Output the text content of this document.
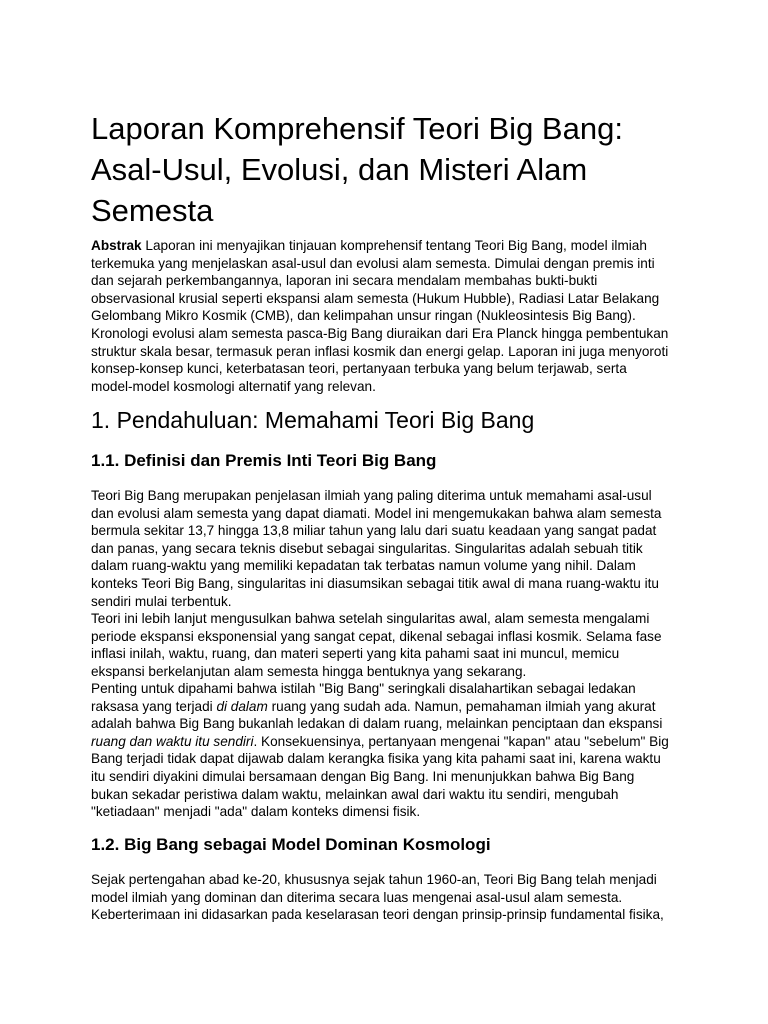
Laporan Komprehensif Teori Big Bang:
Asal-Usul, Evolusi, dan Misteri Alam
Semesta

Abstrak Laporan ini menyajikan tinjauan komprehensif tentang Teori Big Bang, model ilmiah
terkemuka yang menjelaskan asal-usul dan evolusi alam semesta. Dimulai dengan premis inti
dan sejarah perkembangannya, laporan ini secara mendalam membahas bukti-bukti
observasional krusial seperti ekspansi alam semesta (Hukum Hubble), Radiasi Latar Belakang
Gelombang Mikro Kosmik (CMB), dan kelimpahan unsur ringan (Nukleosintesis Big Bang).
Kronologi evolusi alam semesta pasca-Big Bang diuraikan dari Era Planck hingga pembentukan
struktur skala besar, termasuk peran inflasi kosmik dan energi gelap. Laporan ini juga menyoroti
konsep-konsep kunci, keterbatasan teori, pertanyaan terbuka yang belum terjawab, serta
model-model kosmologi alternatif yang relevan.

1. Pendahuluan: Memahami Teori Big Bang
1.1. Definisi dan Premis Inti Teori Big Bang

Teori Big Bang merupakan penjelasan ilmiah yang paling diterima untuk memahami asal-usul
dan evolusi alam semesta yang dapat diamati. Model ini mengemukakan bahwa alam semesta
bermula sekitar 13,7 hingga 13,8 miliar tahun yang lalu dari suatu keadaan yang sangat padat
dan panas, yang secara teknis disebut sebagai singularitas. Singularitas adalah sebuah titik
dalam ruang-waktu yang memiliki kepadatan tak terbatas namun volume yang nihil. Dalam
konteks Teori Big Bang, singularitas ini diasumsikan sebagai titik awal di mana ruang-waktu itu
sendiri mulai terbentuk.

Teori ini lebih lanjut mengusulkan bahwa setelah singularitas awal, alam semesta mengalami
periode ekspansi eksponensial yang sangat cepat, dikenal sebagai inflasi kosmik. Selama fase
inflasi inilah, waktu, ruang, dan materi seperti yang kita pahami saat ini muncul, memicu
ekspansi berkelanjutan alam semesta hingga bentuknya yang sekarang.

Penting untuk dipahami bahwa istilah "Big Bang" seringkali disalahartikan sebagai ledakan
raksasa yang terjadi di dalam ruang yang sudah ada. Namun, pemahaman ilmiah yang akurat
adalah bahwa Big Bang bukanlah ledakan di dalam ruang, melainkan penciptaan dan ekspansi
ruang dan waktu itu sendiri. Konsekuensinya, pertanyaan mengenai "kapan" atau "sebelum" Big
Bang terjadi tidak dapat dijawab dalam kerangka fisika yang kita pahami saat ini, karena waktu
itu sendiri diyakini dimulai bersamaan dengan Big Bang. Ini menunjukkan bahwa Big Bang
bukan sekadar peristiwa dalam waktu, melainkan awal dari waktu itu sendiri, mengubah
"ketiadaan" menjadi "ada" dalam konteks dimensi fisik.

1.2. Big Bang sebagai Model Dominan Kosmologi

Sejak pertengahan abad ke-20, khususnya sejak tahun 1960-an, Teori Big Bang telah menjadi
model ilmiah yang dominan dan diterima secara luas mengenai asal-usul alam semesta.
Keberterimaan ini didasarkan pada keselarasan teori dengan prinsip-prinsip fundamental fisika,
